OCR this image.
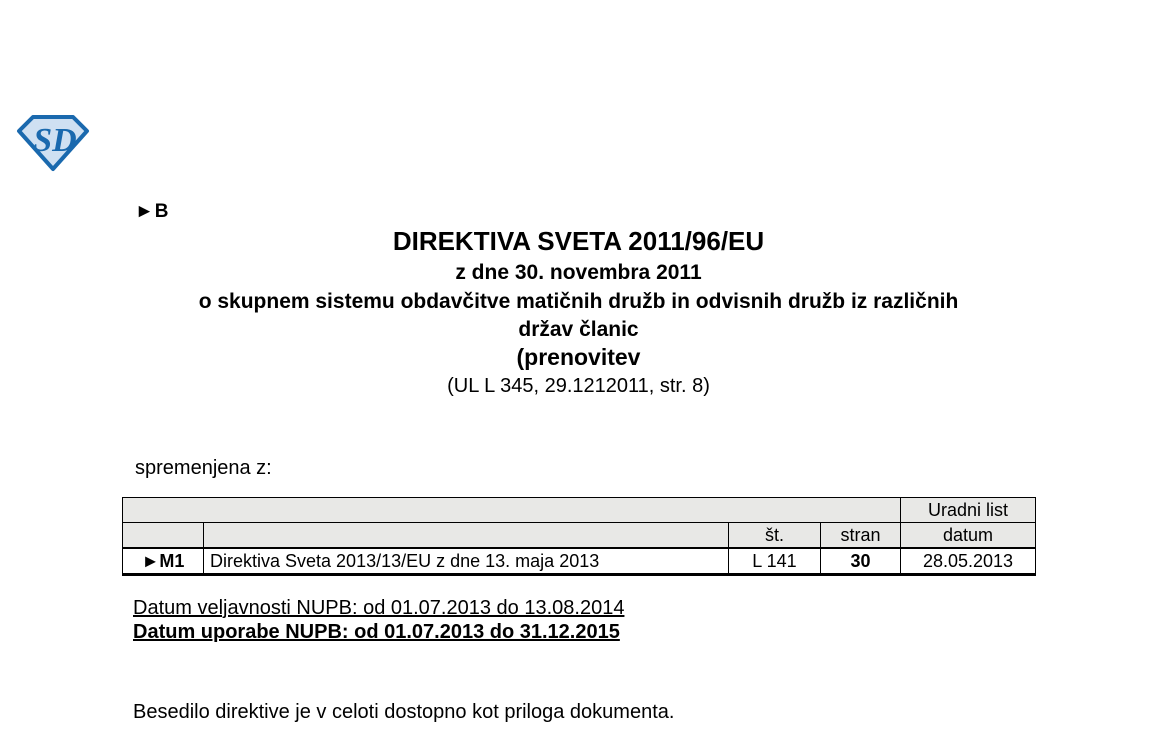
SD
►B
DIREKTIVA SVETA 2011/96/EU
z dne 30. novembra 2011
o skupnem sistemu obdavčitve matičnih družb in odvisnih družb iz različnih
držav članic
(prenovitev
(UL L 345, 29.1212011, str. 8)
spremenjena z:
				Uradni list
		št.	stran	datum
►M1	Direktiva Sveta 2013/13/EU z dne 13. maja 2013	L 141	30	28.05.2013
Datum veljavnosti NUPB: od 01.07.2013 do 13.08.2014
Datum uporabe NUPB: od 01.07.2013 do 31.12.2015
Besedilo direktive je v celoti dostopno kot priloga dokumenta.
